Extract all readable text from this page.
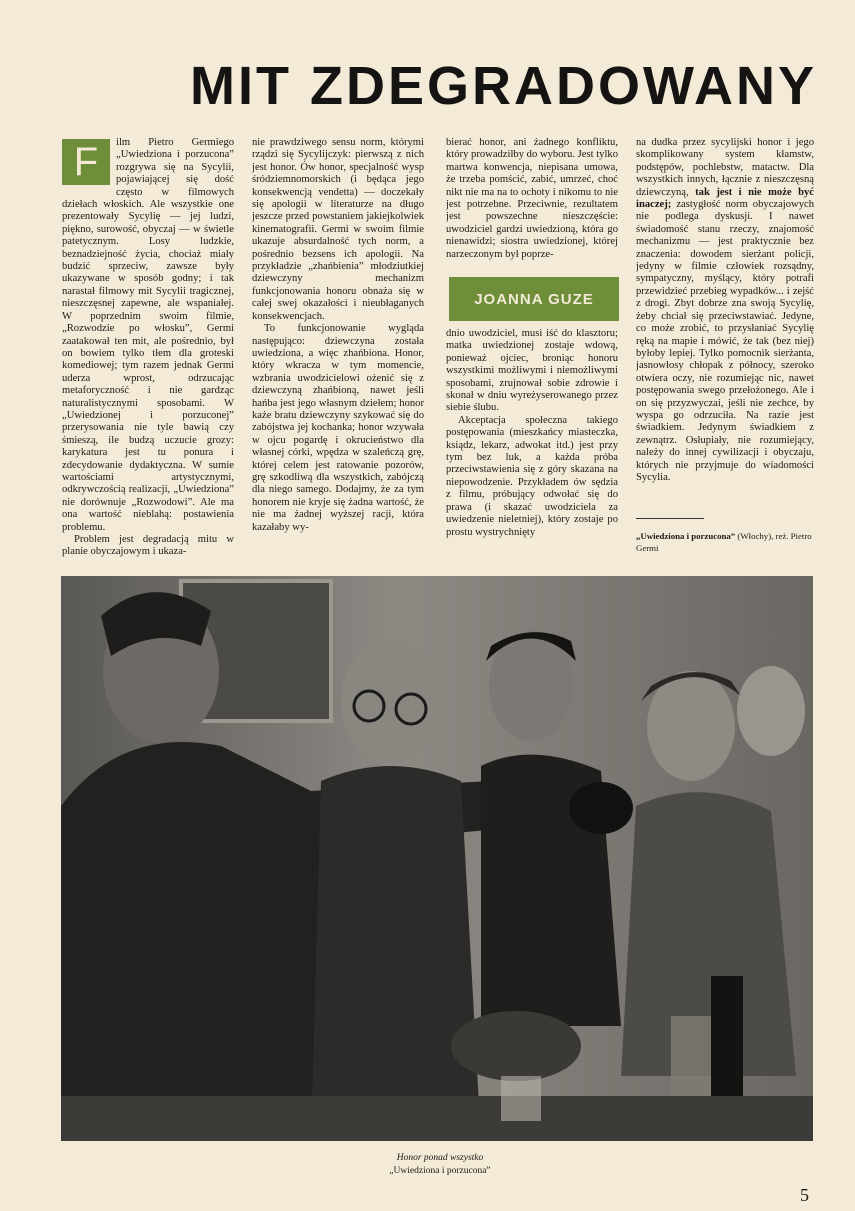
MIT ZDEGRADOWANY

F	ilm Pietro Germiego „Uwiedziona i porzucona” rozgrywa się na Sycylii, pojawiającej się dość często w filmowych dziełach włoskich. Ale wszystkie one prezentowały Sycylię — jej ludzi, piękno, surowość, obyczaj — w świetle patetycznym. Losy ludzkie, beznadziejność życia, chociaż miały budzić sprzeciw, zawsze były ukazywane w sposób godny; i tak narastał filmowy mit Sycylii tragicznej, nieszczęsnej zapewne, ale wspaniałej. W poprzednim swoim filmie, „Rozwodzie po włosku”, Germi zaatakował ten mit, ale pośrednio, był on bowiem tylko tłem dla groteski komediowej; tym razem jednak Germi uderza wprost, odrzucając metaforyczność i nie gardząc naturalistycznymi sposobami. W „Uwiedzionej i porzuconej” przerysowania nie tyle bawią czy śmieszą, ile budzą uczucie grozy: karykatura jest tu ponura i zdecydowanie dydaktyczna. W sumie wartościami artystycznymi, odkrywczością realizacji, „Uwiedziona” nie dorównuje „Rozwodowi”. Ale ma ona wartość nieblahą: postawienia problemu.

Problem jest degradacją mitu w planie obyczajowym i ukaza-

nie prawdziwego sensu norm, którymi rządzi się Sycylijczyk: pierwszą z nich jest honor. Ów honor, specjalność wysp śródziemnomorskich (i będąca jego konsekwencją vendetta) — doczekały się apologii w literaturze na długo jeszcze przed powstaniem jakiejkolwiek kinematografii. Germi w swoim filmie ukazuje absurdalność tych norm, a pośrednio bezsens ich apologii. Na przykładzie „zhańbienia” młodziutkiej dziewczyny mechanizm funkcjonowania honoru obnaża się w całej swej okazałości i nieubłaganych konsekwencjach.

To funkcjonowanie wygląda następująco: dziewczyna została uwiedziona, a więc zhańbiona. Honor, który wkracza w tym momencie, wzbrania uwodzicielowi ożenić się z dziewczyną zhańbioną, nawet jeśli hańba jest jego własnym dziełem; honor każe bratu dziewczyny szykować się do zabójstwa jej kochanka; honor wzywała w ojcu pogardę i okrucieństwo dla własnej córki, wpędza w szaleńczą grę, której celem jest ratowanie pozorów, grę szkodliwą dla wszystkich, zabójczą dla niego samego. Dodajmy, że za tym honorem nie kryje się żadna wartość, że nie ma żadnej wyższej racji, która kazałaby wy-

bierać honor, ani żadnego konfliktu, który prowadziłby do wyboru. Jest tylko martwa konwencja, niepisana umowa, że trzeba pomścić, zabić, umrzeć, choć nikt nie ma na to ochoty i nikomu to nie jest potrzebne. Przeciwnie, rezultatem jest powszechne nieszczęście: uwodziciel gardzi uwiedzioną, która go nienawidzi; siostra uwiedzionej, której narzeczonym był poprze-

JOANNA GUZE

dnio uwodziciel, musi iść do klasztoru; matka uwiedzionej zostaje wdową, ponieważ ojciec, broniąc honoru wszystkimi możliwymi i niemożliwymi sposobami, zrujnował sobie zdrowie i skonał w dniu wyreżyserowanego przez siebie ślubu.

Akceptacja społeczna takiego postępowania (mieszkańcy miasteczka, ksiądz, lekarz, adwokat itd.) jest przy tym bez luk, a każda próba przeciwstawienia się z góry skazana na niepowodzenie. Przykładem ów sędzia z filmu, próbujący odwołać się do prawa (i skazać uwodziciela za uwiedzenie nieletniej), który zostaje po prostu wystrychnięty

na dudka przez sycylijski honor i jego skomplikowany system kłamstw, podstępów, pochlebstw, matactw. Dla wszystkich innych, łącznie z nieszczęsną dziewczyną, tak jest i nie może być inaczej; zastygłość norm obyczajowych nie podlega dyskusji. I nawet świadomość stanu rzeczy, znajomość mechanizmu — jest praktycznie bez znaczenia: dowodem sierżant policji, jedyny w filmie człowiek rozsądny, sympatyczny, myślący, który potrafi przewidzieć przebieg wypadków... i zejść z drogi. Zbyt dobrze zna swoją Sycylię, żeby chciał się przeciwstawiać. Jedyne, co może zrobić, to przysłaniać Sycylię ręką na mapie i mówić, że tak (bez niej) byłoby lepiej. Tylko pomocnik sierżanta, jasnowłosy chłopak z północy, szeroko otwiera oczy, nie rozumiejąc nic, nawet postępowania swego przełożonego. Ale i on się przyzwyczai, jeśli nie zechce, by wyspa go odrzuciła. Na razie jest świadkiem. Jedynym świadkiem z zewnątrz. Osłupiały, nie rozumiejący, należy do innej cywilizacji i obyczaju, których nie przyjmuje do wiadomości Sycylia.

„Uwiedziona i porzucona” (Włochy), reż. Pietro Germi
Honor ponad wszystko
„Uwiedziona i porzucona”
5
